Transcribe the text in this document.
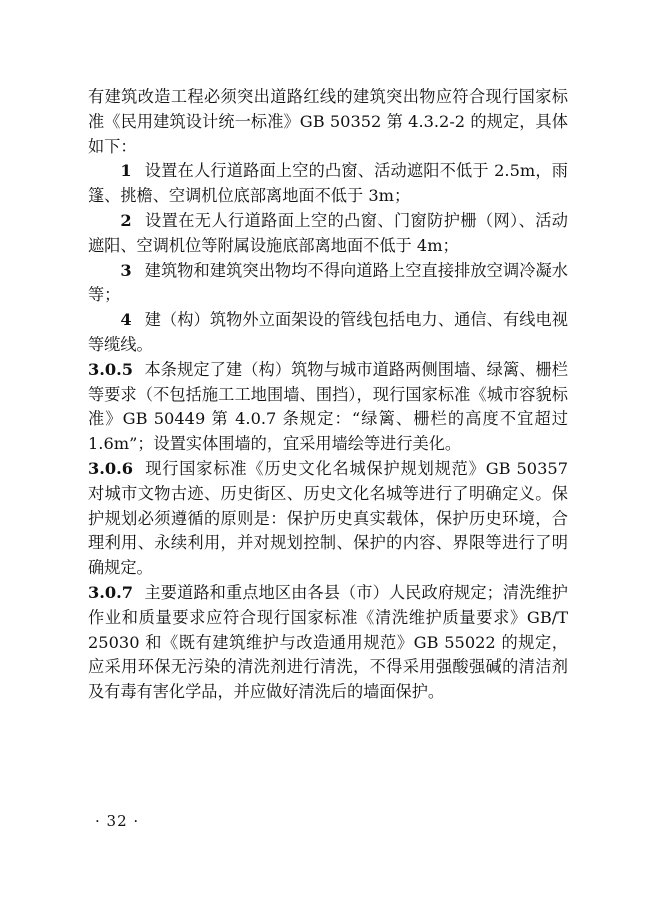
有建筑改造工程必须突出道路红线的建筑突出物应符合现行国家标准《民用建筑设计统一标准》GB 50352 第 4.3.2-2 的规定，具体如下：

1 设置在人行道路面上空的凸窗、活动遮阳不低于 2.5m，雨篷、挑檐、空调机位底部离地面不低于 3m；

2 设置在无人行道路面上空的凸窗、门窗防护栅（网）、活动遮阳、空调机位等附属设施底部离地面不低于 4m；

3 建筑物和建筑突出物均不得向道路上空直接排放空调冷凝水等；

4 建（构）筑物外立面架设的管线包括电力、通信、有线电视等缆线。

3.0.5 本条规定了建（构）筑物与城市道路两侧围墙、绿篱、栅栏等要求（不包括施工工地围墙、围挡），现行国家标准《城市容貌标准》GB 50449 第 4.0.7 条规定：“绿篱、栅栏的高度不宜超过 1.6m”；设置实体围墙的，宜采用墙绘等进行美化。

3.0.6 现行国家标准《历史文化名城保护规划规范》GB 50357 对城市文物古迹、历史街区、历史文化名城等进行了明确定义。保护规划必须遵循的原则是：保护历史真实载体，保护历史环境，合理利用、永续利用，并对规划控制、保护的内容、界限等进行了明确规定。

3.0.7 主要道路和重点地区由各县（市）人民政府规定；清洗维护作业和质量要求应符合现行国家标准《清洗维护质量要求》GB/T 25030 和《既有建筑维护与改造通用规范》GB 55022 的规定，应采用环保无污染的清洗剂进行清洗，不得采用强酸强碱的清洁剂及有毒有害化学品，并应做好清洗后的墙面保护。

· 32 ·
